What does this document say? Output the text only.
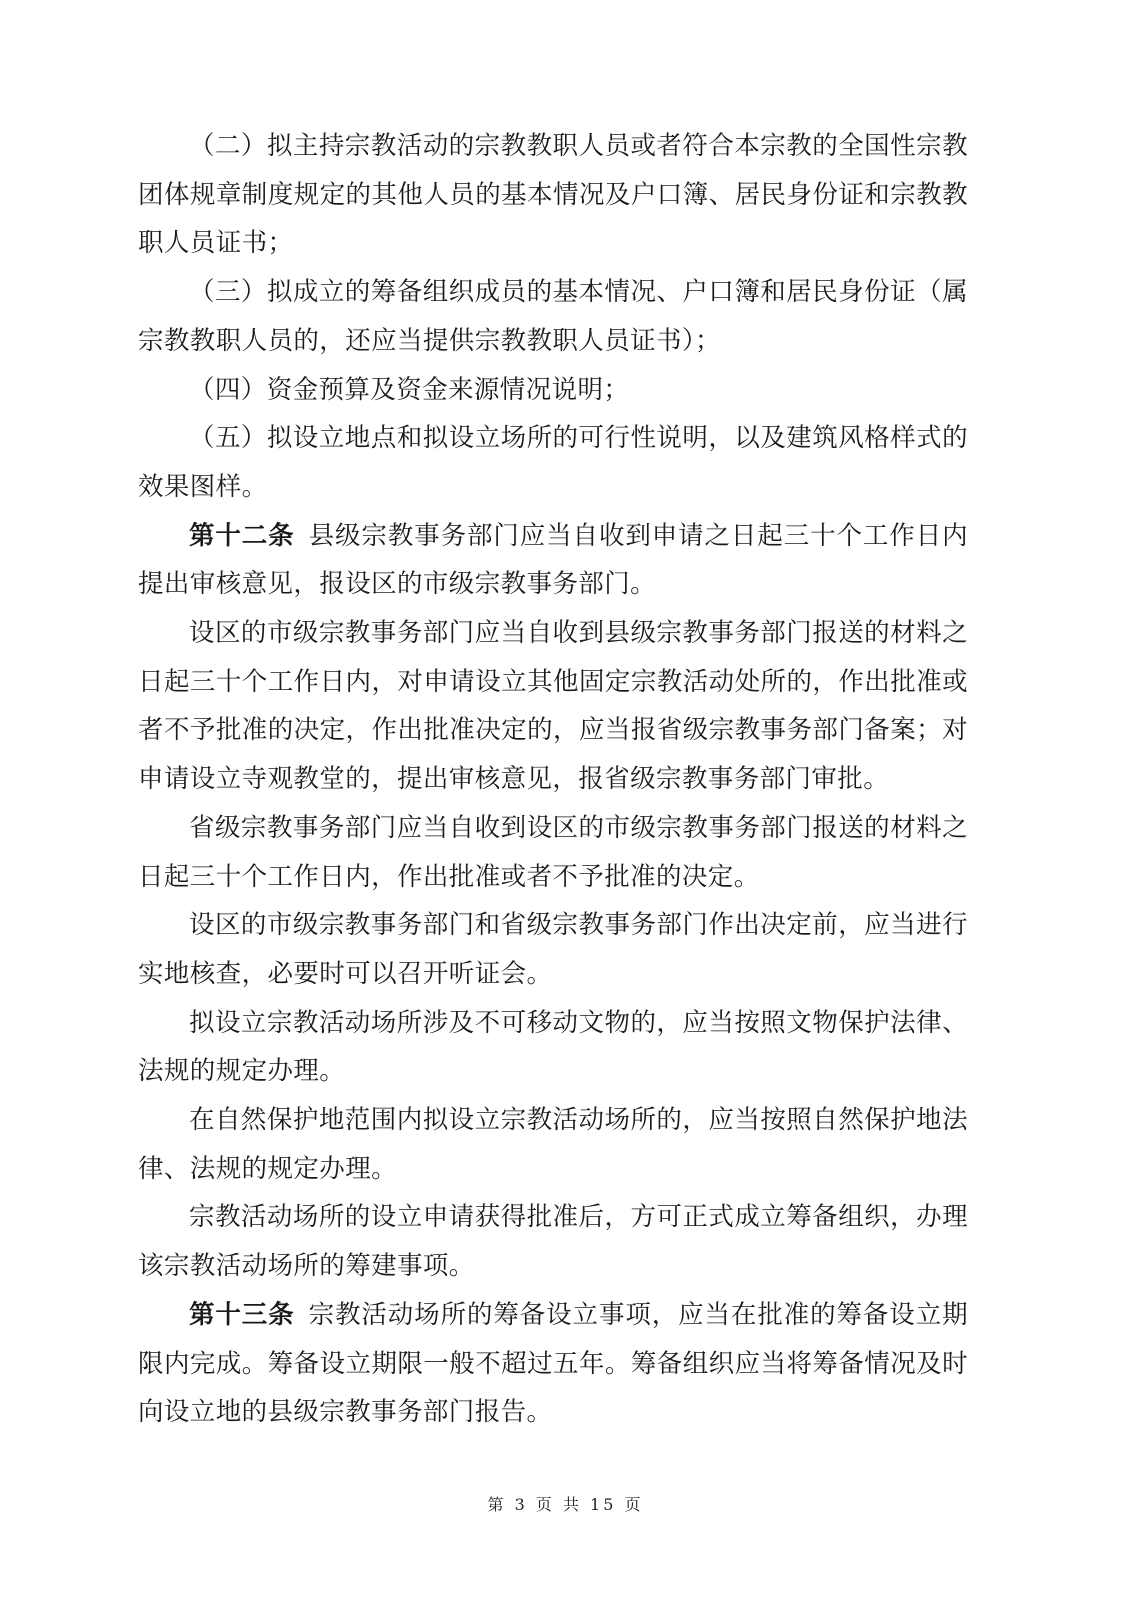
（二）拟主持宗教活动的宗教教职人员或者符合本宗教的全国性宗教团体规章制度规定的其他人员的基本情况及户口簿、居民身份证和宗教教职人员证书；

（三）拟成立的筹备组织成员的基本情况、户口簿和居民身份证（属宗教教职人员的，还应当提供宗教教职人员证书）；

（四）资金预算及资金来源情况说明；

（五）拟设立地点和拟设立场所的可行性说明，以及建筑风格样式的效果图样。

第十二条 县级宗教事务部门应当自收到申请之日起三十个工作日内提出审核意见，报设区的市级宗教事务部门。

设区的市级宗教事务部门应当自收到县级宗教事务部门报送的材料之日起三十个工作日内，对申请设立其他固定宗教活动处所的，作出批准或者不予批准的决定，作出批准决定的，应当报省级宗教事务部门备案；对申请设立寺观教堂的，提出审核意见，报省级宗教事务部门审批。

省级宗教事务部门应当自收到设区的市级宗教事务部门报送的材料之日起三十个工作日内，作出批准或者不予批准的决定。

设区的市级宗教事务部门和省级宗教事务部门作出决定前，应当进行实地核查，必要时可以召开听证会。

拟设立宗教活动场所涉及不可移动文物的，应当按照文物保护法律、法规的规定办理。

在自然保护地范围内拟设立宗教活动场所的，应当按照自然保护地法律、法规的规定办理。

宗教活动场所的设立申请获得批准后，方可正式成立筹备组织，办理该宗教活动场所的筹建事项。

第十三条 宗教活动场所的筹备设立事项，应当在批准的筹备设立期限内完成。筹备设立期限一般不超过五年。筹备组织应当将筹备情况及时向设立地的县级宗教事务部门报告。

第 3 页 共 15 页
